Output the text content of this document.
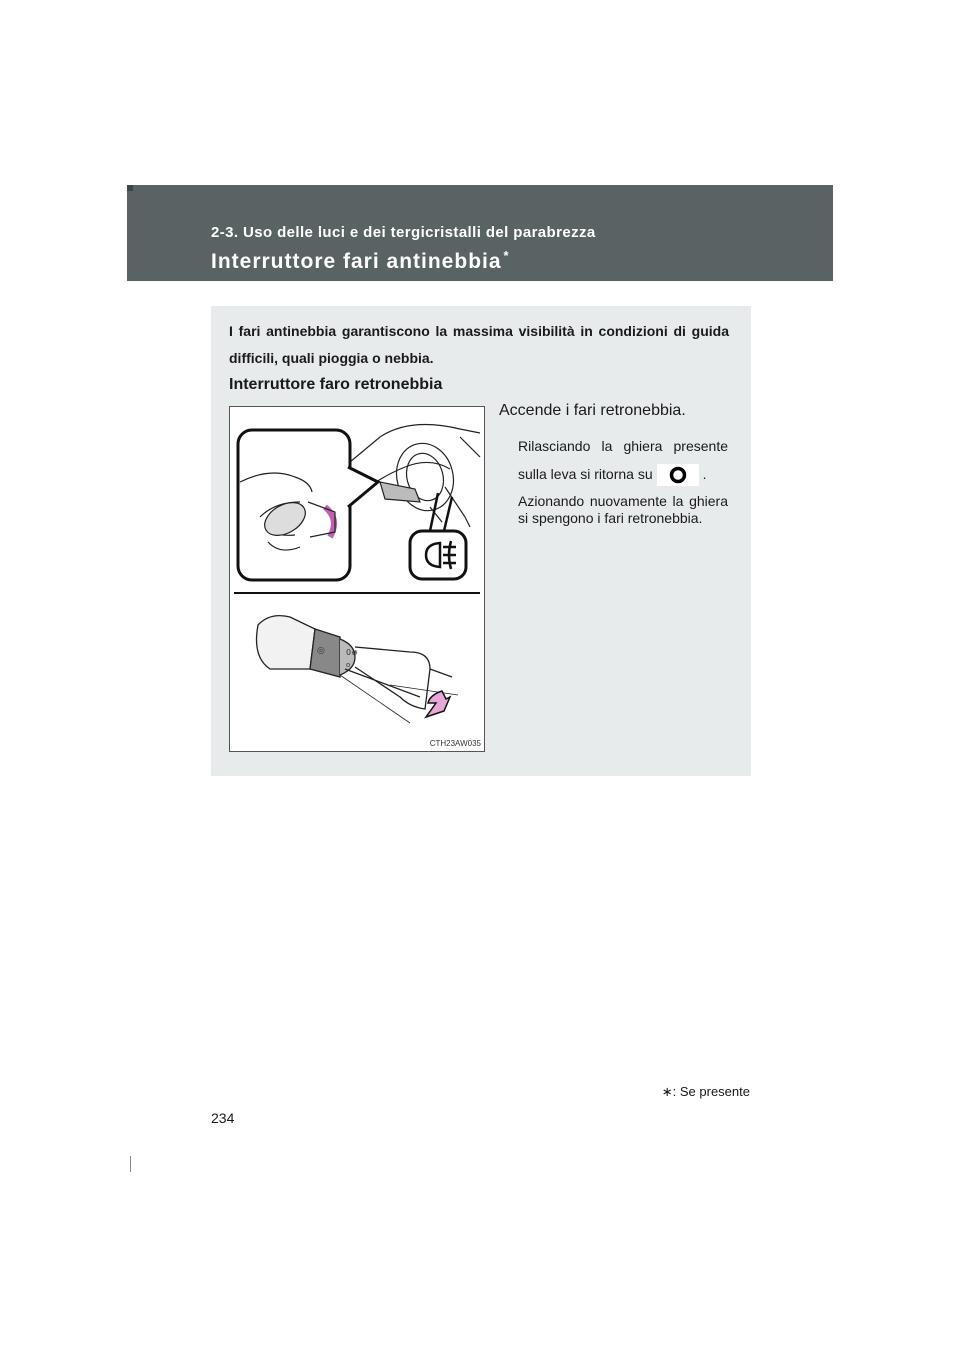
2-3. Uso delle luci e dei tergicristalli del parabrezza
Interruttore fari antinebbia *
I fari antinebbia garantiscono la massima visibilità in condizioni di guida difficili, quali pioggia o nebbia.
Interruttore faro retronebbia
◎	0≢
o
CTH23AW035
Accende i fari retronebbia.
Rilasciando la ghiera presente sulla leva si ritorna su	.
Azionando nuovamente la ghiera si spengono i fari retronebbia.
∗: Se presente
234
